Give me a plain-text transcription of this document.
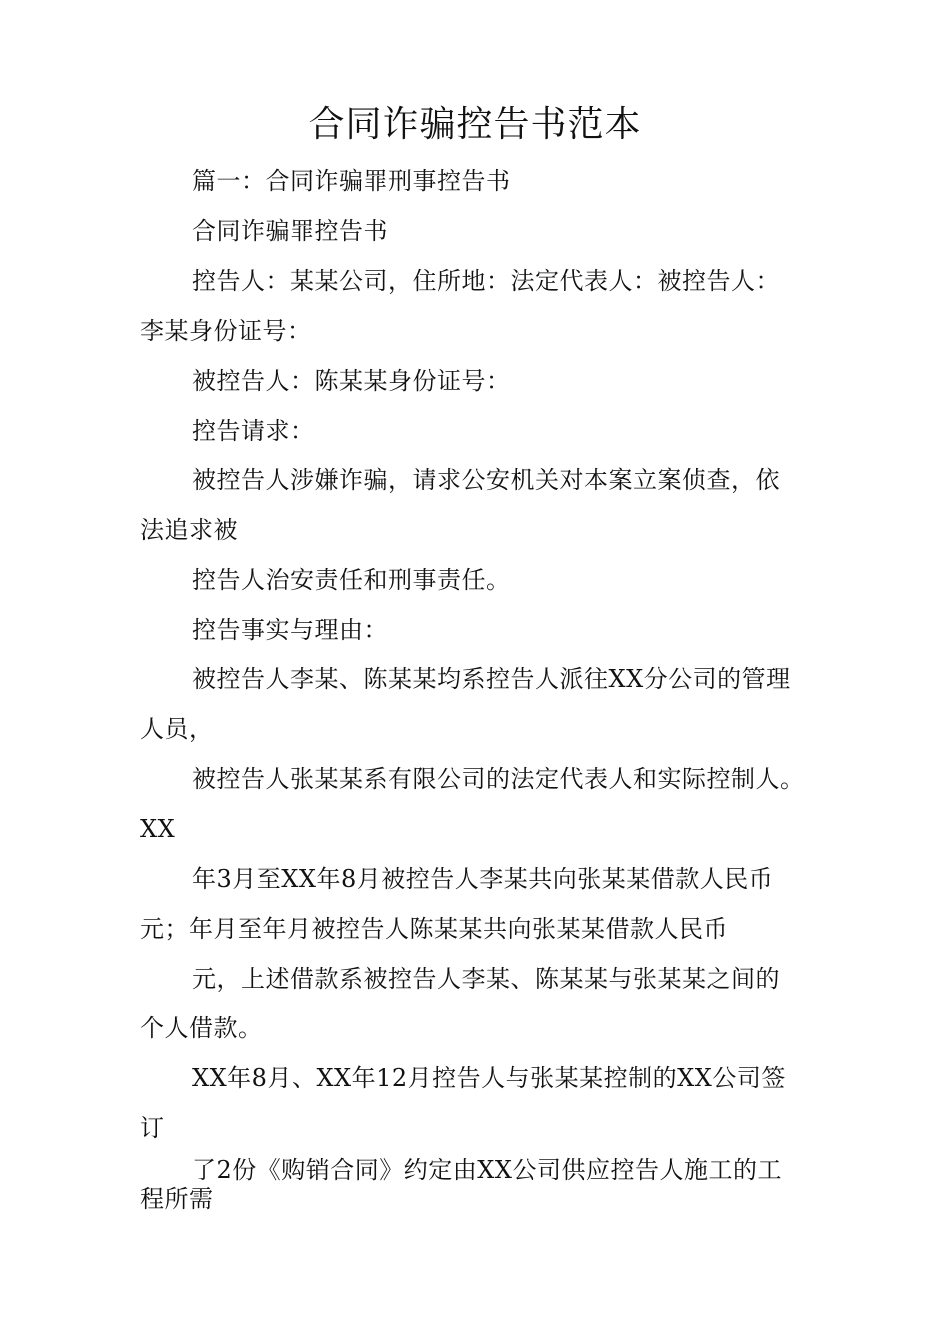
合同诈骗控告书范本

篇一：合同诈骗罪刑事控告书

合同诈骗罪控告书

控告人：某某公司，住所地：法定代表人：被控告人：

李某身份证号：

被控告人：陈某某身份证号：

控告请求：

被控告人涉嫌诈骗，请求公安机关对本案立案侦查，依

法追求被

控告人治安责任和刑事责任。

控告事实与理由：

被控告人李某、陈某某均系控告人派往XX分公司的管理

人员，

被控告人张某某系有限公司的法定代表人和实际控制人。

XX

年3月至XX年8月被控告人李某共向张某某借款人民币

元；年月至年月被控告人陈某某共向张某某借款人民币

元，上述借款系被控告人李某、陈某某与张某某之间的

个人借款。

XX年8月、XX年12月控告人与张某某控制的XX公司签

订

了2份《购销合同》约定由XX公司供应控告人施工的工

程所需
